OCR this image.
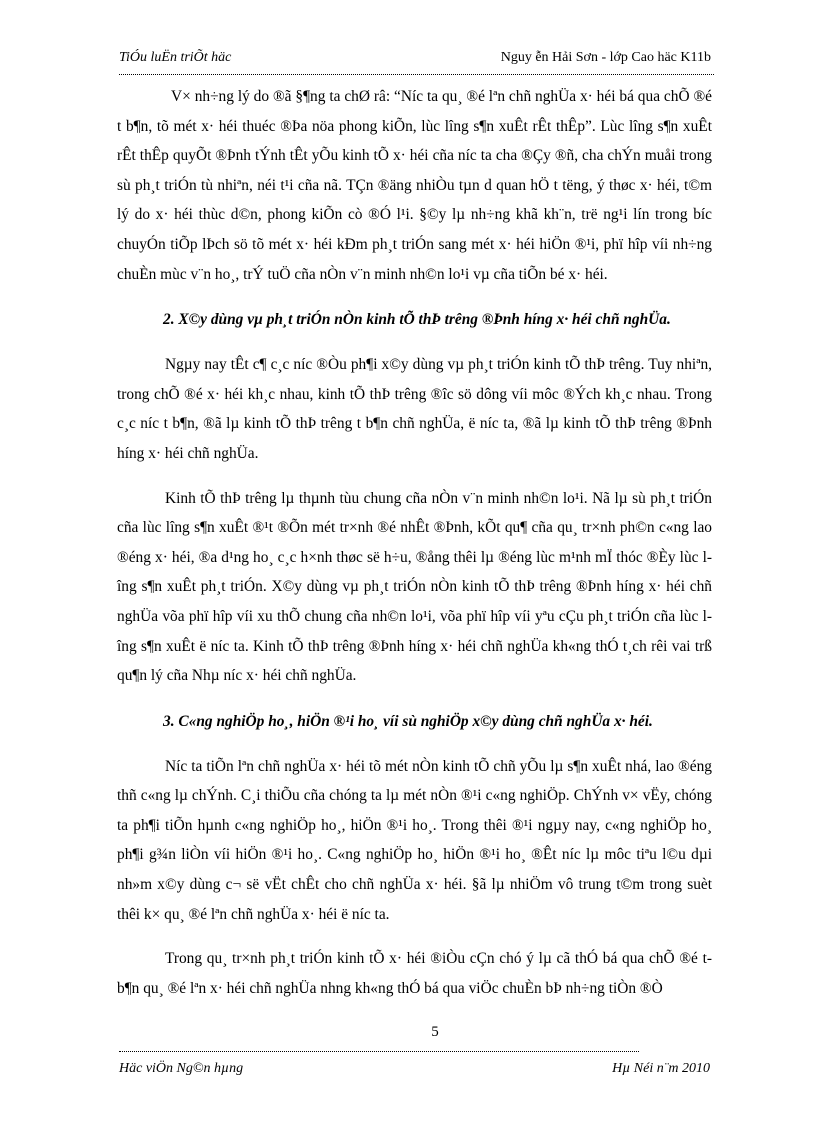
TiÓu luËn triÕt häc	Nguy ễn Hải Sơn - lớp Cao häc K11b

V× nh÷ng lý do ®ã §¶ng ta chØ râ: “Níc ta qu¸ ®é lªn chñ nghÜa x· héi bá qua chÕ ®é t b¶n, tõ mét x· héi thuéc ®Þa nöa phong kiÕn, lùc lîng s¶n xuÊt rÊt thÊp”. Lùc lîng s¶n xuÊt rÊt thÊp quyÕt ®Þnh tÝnh tÊt yÕu kinh tÕ x· héi cña níc ta cha ®Çy ®ñ, cha chÝn muåi trong sù ph¸t triÓn tù nhiªn, néi t¹i cña nã. TÇn ®äng nhiÒu tµn d quan hÖ t tëng, ý thøc x· héi, t©m lý do x· héi thùc d©n, phong kiÕn cò ®Ó l¹i. §©y lµ nh÷ng khã kh¨n, trë ng¹i lín trong bíc chuyÓn tiÕp lÞch sö tõ mét x· héi kÐm ph¸t triÓn sang mét x· héi hiÖn ®¹i, phï hîp víi nh÷ng chuÈn mùc v¨n ho¸, trÝ tuÖ cña nÒn v¨n minh nh©n lo¹i vµ cña tiÕn bé x· héi.

2. X©y dùng vµ ph¸t triÓn nÒn kinh tÕ thÞ trêng ®Þnh híng x· héi chñ nghÜa.

Ngµy nay tÊt c¶ c¸c níc ®Òu ph¶i x©y dùng vµ ph¸t triÓn kinh tÕ thÞ trêng. Tuy nhiªn, trong chÕ ®é x· héi kh¸c nhau, kinh tÕ thÞ trêng ®îc sö dông víi môc ®Ých kh¸c nhau. Trong c¸c níc t b¶n, ®ã lµ kinh tÕ thÞ trêng t b¶n chñ nghÜa, ë níc ta, ®ã lµ kinh tÕ thÞ trêng ®Þnh híng x· héi chñ nghÜa.

Kinh tÕ thÞ trêng lµ thµnh tùu chung cña nÒn v¨n minh nh©n lo¹i. Nã lµ sù ph¸t triÓn cña lùc lîng s¶n xuÊt ®¹t ®Õn mét tr×nh ®é nhÊt ®Þnh, kÕt qu¶ cña qu¸ tr×nh ph©n c«ng lao ®éng x· héi, ®a d¹ng ho¸ c¸c h×nh thøc së h÷u, ®ång thêi lµ ®éng lùc m¹nh mÏ thóc ®Èy lùc lîng s¶n xuÊt ph¸t triÓn. X©y dùng vµ ph¸t triÓn nÒn kinh tÕ thÞ trêng ®Þnh híng x· héi chñ nghÜa võa phï hîp víi xu thÕ chung cña nh©n lo¹i, võa phï hîp víi yªu cÇu ph¸t triÓn cña lùc lîng s¶n xuÊt ë níc ta. Kinh tÕ thÞ trêng ®Þnh híng x· héi chñ nghÜa kh«ng thÓ t¸ch rêi vai trß qu¶n lý cña Nhµ níc x· héi chñ nghÜa.

3. C«ng nghiÖp ho¸, hiÖn ®¹i ho¸ víi sù nghiÖp x©y dùng chñ nghÜa x· héi.

Níc ta tiÕn lªn chñ nghÜa x· héi tõ mét nÒn kinh tÕ chñ yÕu lµ s¶n xuÊt nhá, lao ®éng thñ c«ng lµ chÝnh. C¸i thiÕu cña chóng ta lµ mét nÒn ®¹i c«ng nghiÖp. ChÝnh v× vËy, chóng ta ph¶i tiÕn hµnh c«ng nghiÖp ho¸, hiÖn ®¹i ho¸. Trong thêi ®¹i ngµy nay, c«ng nghiÖp ho¸ ph¶i g¾n liÒn víi hiÖn ®¹i ho¸. C«ng nghiÖp ho¸ hiÖn ®¹i ho¸ ®Êt níc lµ môc tiªu l©u dµi nh»m x©y dùng c¬ së vËt chÊt cho chñ nghÜa x· héi. §ã lµ nhiÖm vô trung t©m trong suèt thêi k× qu¸ ®é lªn chñ nghÜa x· héi ë níc ta.

Trong qu¸ tr×nh ph¸t triÓn kinh tÕ x· héi ®iÒu cÇn chó ý lµ cã thÓ bá qua chÕ ®é t b¶n qu¸ ®é lªn x· héi chñ nghÜa nhng kh«ng thÓ bá qua viÖc chuÈn bÞ nh÷ng tiÒn ®Ò

5
Häc viÖn Ng©n hµng	Hµ Néi n¨m 2010
